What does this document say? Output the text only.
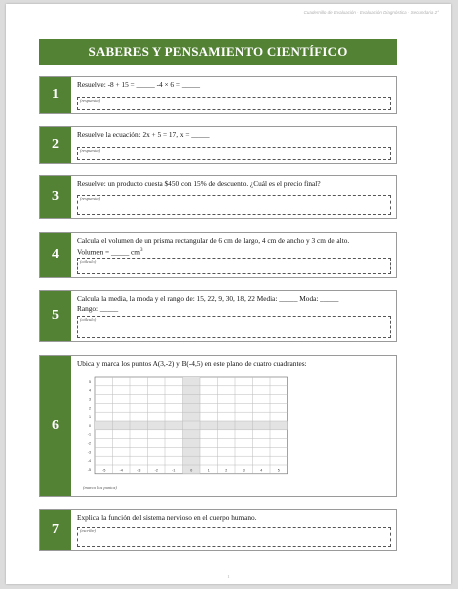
Cuadernillo de Evaluación · Evaluación Diagnóstica · Secundaria 2°
SABERES Y PENSAMIENTO CIENTÍFICO
1
Resuelve: -8 + 15 = _____ -4 × 6 = _____
(respuesta)
2
Resuelve la ecuación: 2x + 5 = 17, x = _____
(respuesta)
3
Resuelve: un producto cuesta $450 con 15% de descuento. ¿Cuál es el precio final?
(respuesta)
4
Calcula el volumen de un prisma rectangular de 6 cm de largo, 4 cm de ancho y 3 cm de alto.
Volumen = _____ $cm^3$
(cálculo)
5
Calcula la media, la moda y el rango de: 15, 22, 9, 30, 18, 22 Media: _____ Moda: _____
Rango: _____
(cálculo)
6
Ubica y marca los puntos A(3,-2) y B(-4,5) en este plano de cuatro cuadrantes:
5
4
3
2
1
0
-1
-2
-3
-4
-5	-5	-4	-3	-2	-1	0	1	2	3	4	5
(marca los puntos)
7
Explica la función del sistema nervioso en el cuerpo humano.
(escribe)
1
